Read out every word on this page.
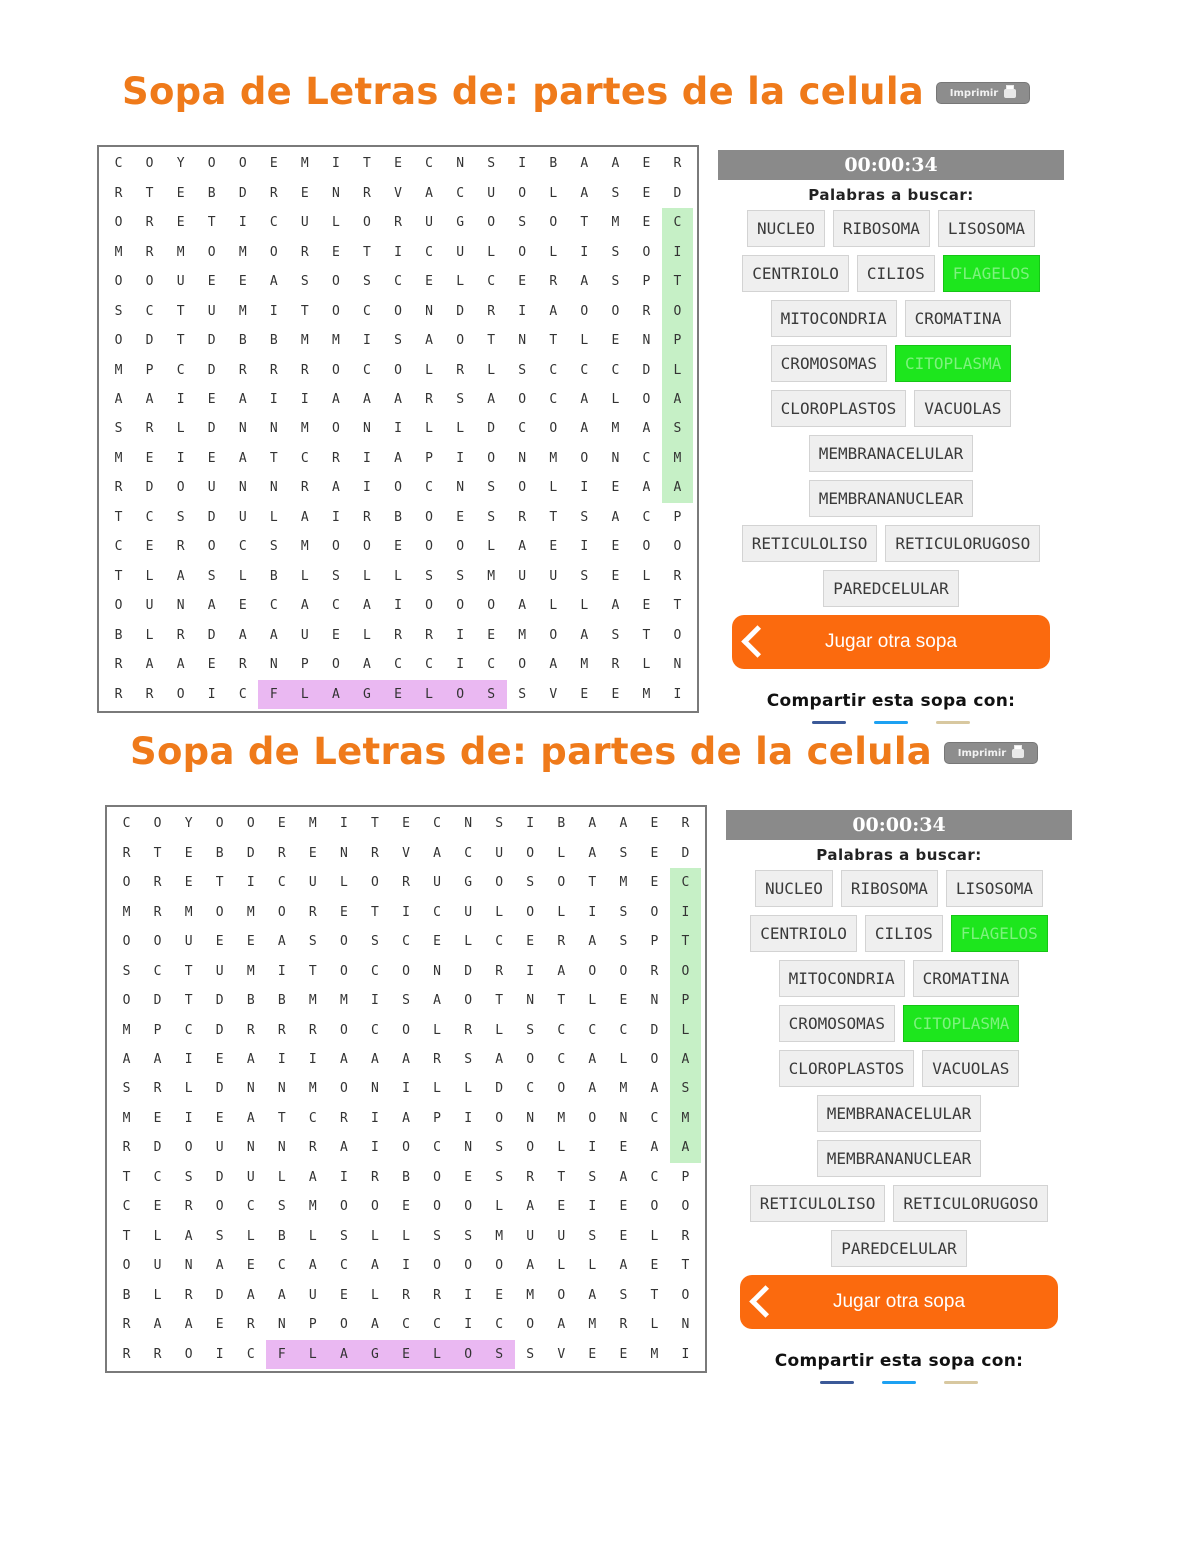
Sopa de Letras de: partes de la celula	Imprimir
C	O	Y	O	O	E	M	I	T	E	C	N	S	I	B	A	A	E	R
R	T	E	B	D	R	E	N	R	V	A	C	U	O	L	A	S	E	D
O	R	E	T	I	C	U	L	O	R	U	G	O	S	O	T	M	E	C
M	R	M	O	M	O	R	E	T	I	C	U	L	O	L	I	S	O	I
O	O	U	E	E	A	S	O	S	C	E	L	C	E	R	A	S	P	T
S	C	T	U	M	I	T	O	C	O	N	D	R	I	A	O	O	R	O
O	D	T	D	B	B	M	M	I	S	A	O	T	N	T	L	E	N	P
M	P	C	D	R	R	R	O	C	O	L	R	L	S	C	C	C	D	L
A	A	I	E	A	I	I	A	A	A	R	S	A	O	C	A	L	O	A
S	R	L	D	N	N	M	O	N	I	L	L	D	C	O	A	M	A	S
M	E	I	E	A	T	C	R	I	A	P	I	O	N	M	O	N	C	M
R	D	O	U	N	N	R	A	I	O	C	N	S	O	L	I	E	A	A
T	C	S	D	U	L	A	I	R	B	O	E	S	R	T	S	A	C	P
C	E	R	O	C	S	M	O	O	E	O	O	L	A	E	I	E	O	O
T	L	A	S	L	B	L	S	L	L	S	S	M	U	U	S	E	L	R
O	U	N	A	E	C	A	C	A	I	O	O	O	A	L	L	A	E	T
B	L	R	D	A	A	U	E	L	R	R	I	E	M	O	A	S	T	O
R	A	A	E	R	N	P	O	A	C	C	I	C	O	A	M	R	L	N
R	R	O	I	C	F	L	A	G	E	L	O	S	S	V	E	E	M	I
00:00:34
Palabras a buscar:
NUCLEO	RIBOSOMA	LISOSOMA
CENTRIOLO	CILIOS	FLAGELOS
MITOCONDRIA	CROMATINA
CROMOSOMAS	CITOPLASMA
CLOROPLASTOS	VACUOLAS
MEMBRANACELULAR
MEMBRANANUCLEAR
RETICULOLISO	RETICULORUGOSO
PAREDCELULAR
Jugar otra sopa
Compartir esta sopa con:
Sopa de Letras de: partes de la celula	Imprimir
C	O	Y	O	O	E	M	I	T	E	C	N	S	I	B	A	A	E	R
R	T	E	B	D	R	E	N	R	V	A	C	U	O	L	A	S	E	D
O	R	E	T	I	C	U	L	O	R	U	G	O	S	O	T	M	E	C
M	R	M	O	M	O	R	E	T	I	C	U	L	O	L	I	S	O	I
O	O	U	E	E	A	S	O	S	C	E	L	C	E	R	A	S	P	T
S	C	T	U	M	I	T	O	C	O	N	D	R	I	A	O	O	R	O
O	D	T	D	B	B	M	M	I	S	A	O	T	N	T	L	E	N	P
M	P	C	D	R	R	R	O	C	O	L	R	L	S	C	C	C	D	L
A	A	I	E	A	I	I	A	A	A	R	S	A	O	C	A	L	O	A
S	R	L	D	N	N	M	O	N	I	L	L	D	C	O	A	M	A	S
M	E	I	E	A	T	C	R	I	A	P	I	O	N	M	O	N	C	M
R	D	O	U	N	N	R	A	I	O	C	N	S	O	L	I	E	A	A
T	C	S	D	U	L	A	I	R	B	O	E	S	R	T	S	A	C	P
C	E	R	O	C	S	M	O	O	E	O	O	L	A	E	I	E	O	O
T	L	A	S	L	B	L	S	L	L	S	S	M	U	U	S	E	L	R
O	U	N	A	E	C	A	C	A	I	O	O	O	A	L	L	A	E	T
B	L	R	D	A	A	U	E	L	R	R	I	E	M	O	A	S	T	O
R	A	A	E	R	N	P	O	A	C	C	I	C	O	A	M	R	L	N
R	R	O	I	C	F	L	A	G	E	L	O	S	S	V	E	E	M	I
00:00:34
Palabras a buscar:
NUCLEO	RIBOSOMA	LISOSOMA
CENTRIOLO	CILIOS	FLAGELOS
MITOCONDRIA	CROMATINA
CROMOSOMAS	CITOPLASMA
CLOROPLASTOS	VACUOLAS
MEMBRANACELULAR
MEMBRANANUCLEAR
RETICULOLISO	RETICULORUGOSO
PAREDCELULAR
Jugar otra sopa
Compartir esta sopa con:
